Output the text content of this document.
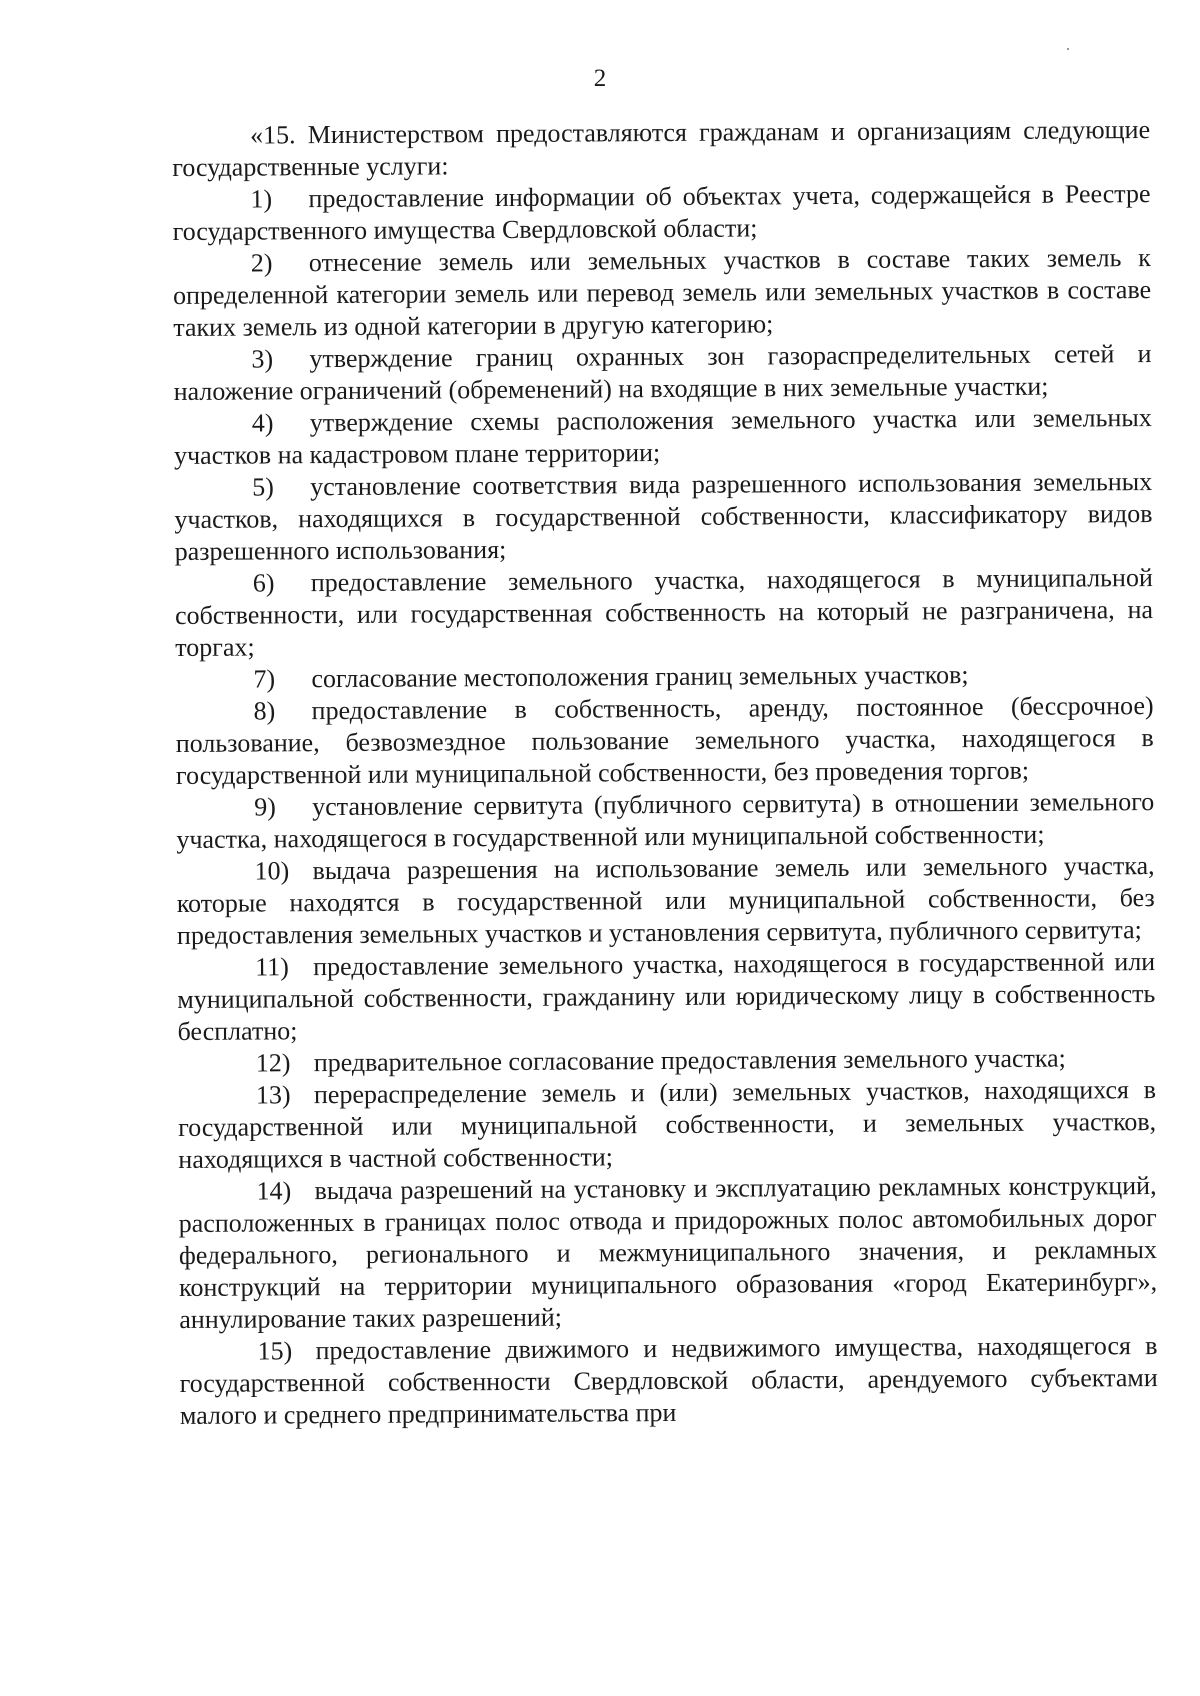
2

«15. Министерством предоставляются гражданам и организациям следующие государственные услуги:

1) предоставление информации об объектах учета, содержащейся в Реестре государственного имущества Свердловской области;

2) отнесение земель или земельных участков в составе таких земель к определенной категории земель или перевод земель или земельных участков в составе таких земель из одной категории в другую категорию;

3) утверждение границ охранных зон газораспределительных сетей и наложение ограничений (обременений) на входящие в них земельные участки;

4) утверждение схемы расположения земельного участка или земельных участков на кадастровом плане территории;

5) установление соответствия вида разрешенного использования земельных участков, находящихся в государственной собственности, классификатору видов разрешенного использования;

6) предоставление земельного участка, находящегося в муниципальной собственности, или государственная собственность на который не разграничена, на торгах;

7) согласование местоположения границ земельных участков;

8) предоставление в собственность, аренду, постоянное (бессрочное) пользование, безвозмездное пользование земельного участка, находящегося в государственной или муниципальной собственности, без проведения торгов;

9) установление сервитута (публичного сервитута) в отношении земельного участка, находящегося в государственной или муниципальной собственности;

10) выдача разрешения на использование земель или земельного участка, которые находятся в государственной или муниципальной собственности, без предоставления земельных участков и установления сервитута, публичного сервитута;

11) предоставление земельного участка, находящегося в государственной или муниципальной собственности, гражданину или юридическому лицу в собственность бесплатно;

12) предварительное согласование предоставления земельного участка;

13) перераспределение земель и (или) земельных участков, находящихся в государственной или муниципальной собственности, и земельных участков, находящихся в частной собственности;

14) выдача разрешений на установку и эксплуатацию рекламных конструкций, расположенных в границах полос отвода и придорожных полос автомобильных дорог федерального, регионального и межмуниципального значения, и рекламных конструкций на территории муниципального образования «город Екатеринбург», аннулирование таких разрешений;

15) предоставление движимого и недвижимого имущества, находящегося в государственной собственности Свердловской области, арендуемого субъектами малого и среднего предпринимательства при
